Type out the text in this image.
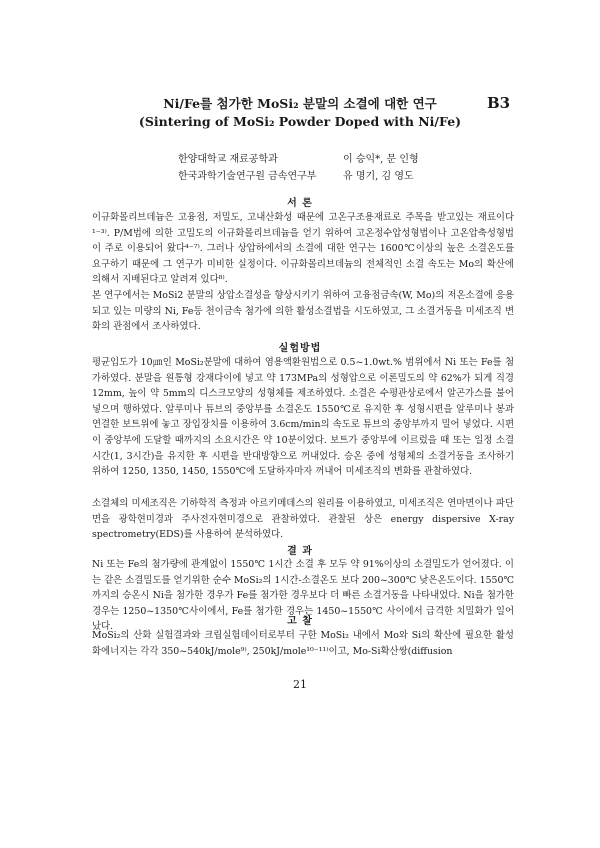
B3

Ni/Fe를 첨가한 MoSi₂ 분말의 소결에 대한 연구

(Sintering of MoSi₂ Powder Doped with Ni/Fe)

한양대학교 재료공학과	이 승익*, 문 인형
한국과학기술연구원 금속연구부	유 명기, 김 영도
서 론

이규화몰리브데늄은 고융점, 저밀도, 고내산화성 때문에 고온구조용재료로 주목을 받고있는 재료이다¹⁻³⁾. P/M법에 의한 고밀도의 이규화몰리브데늄을 얻기 위하여 고온정수압성형법이나 고온압축성형법이 주로 이용되어 왔다⁴⁻⁷⁾. 그러나 상압하에서의 소결에 대한 연구는 1600℃이상의 높은 소결온도를 요구하기 때문에 그 연구가 미비한 실정이다. 이규화몰리브데늄의 전체적인 소결 속도는 Mo의 확산에 의해서 지배된다고 알려져 있다⁸⁾.

본 연구에서는 MoSi2 분말의 상압소결성을 향상시키기 위하여 고융점금속(W, Mo)의 저온소결에 응용되고 있는 미량의 Ni, Fe등 천이금속 첨가에 의한 활성소결법을 시도하였고, 그 소결거동을 미세조직 변화의 관점에서 조사하였다.

실험방법

평균입도가 10㎛인 MoSi₂분말에 대하여 염용액환원법으로 0.5~1.0wt.% 범위에서 Ni 또는 Fe를 첨가하였다. 분말을 원통형 강재다이에 넣고 약 173MPa의 성형압으로 이론밀도의 약 62%가 되게 직경 12mm, 높이 약 5mm의 디스크모양의 성형체를 제조하였다. 소결은 수평관상로에서 알곤가스를 불어넣으며 행하였다. 알루미나 튜브의 중앙부를 소결온도 1550℃로 유지한 후 성형시편을 알루미나 봉과 연결한 보트위에 놓고 장입장치를 이용하여 3.6cm/min의 속도로 튜브의 중앙부까지 밀어 넣었다. 시편이 중앙부에 도달할 때까지의 소요시간은 약 10분이었다. 보트가 중앙부에 이르렀을 때 또는 일정 소결시간(1, 3시간)을 유지한 후 시편을 반대방향으로 꺼내었다. 승온 중에 성형체의 소결거동을 조사하기 위하여 1250, 1350, 1450, 1550℃에 도달하자마자 꺼내어 미세조직의 변화를 관찰하였다.

소결체의 미세조직은 기하학적 측정과 아르키메데스의 원리를 이용하였고, 미세조직은 연마면이나 파단면을 광학현미경과 주사전자현미경으로 관찰하였다. 관찰된 상은 energy dispersive X-ray spectrometry(EDS)를 사용하여 분석하였다.

결 과

Ni 또는 Fe의 첨가량에 관계없이 1550℃ 1시간 소결 후 모두 약 91%이상의 소결밀도가 얻어졌다. 이는 같은 소결밀도를 얻기위한 순수 MoSi₂의 1시간-소결온도 보다 200~300℃ 낮은온도이다. 1550℃까지의 승온시 Ni을 첨가한 경우가 Fe를 첨가한 경우보다 더 빠른 소결거동을 나타내었다. Ni을 첨가한 경우는 1250~1350℃사이에서, Fe를 첨가한 경우는 1450~1550℃ 사이에서 급격한 치밀화가 일어났다.	고 찰

MoSi₂의 산화 실험결과와 크립실험데이터로부터 구한 MoSi₂ 내에서 Mo와 Si의 확산에 필요한 활성화에너지는 각각 350~540kJ/mole⁹⁾, 250kJ/mole¹⁰⁻¹¹⁾이고, Mo-Si확산쌍(diffusion

21
